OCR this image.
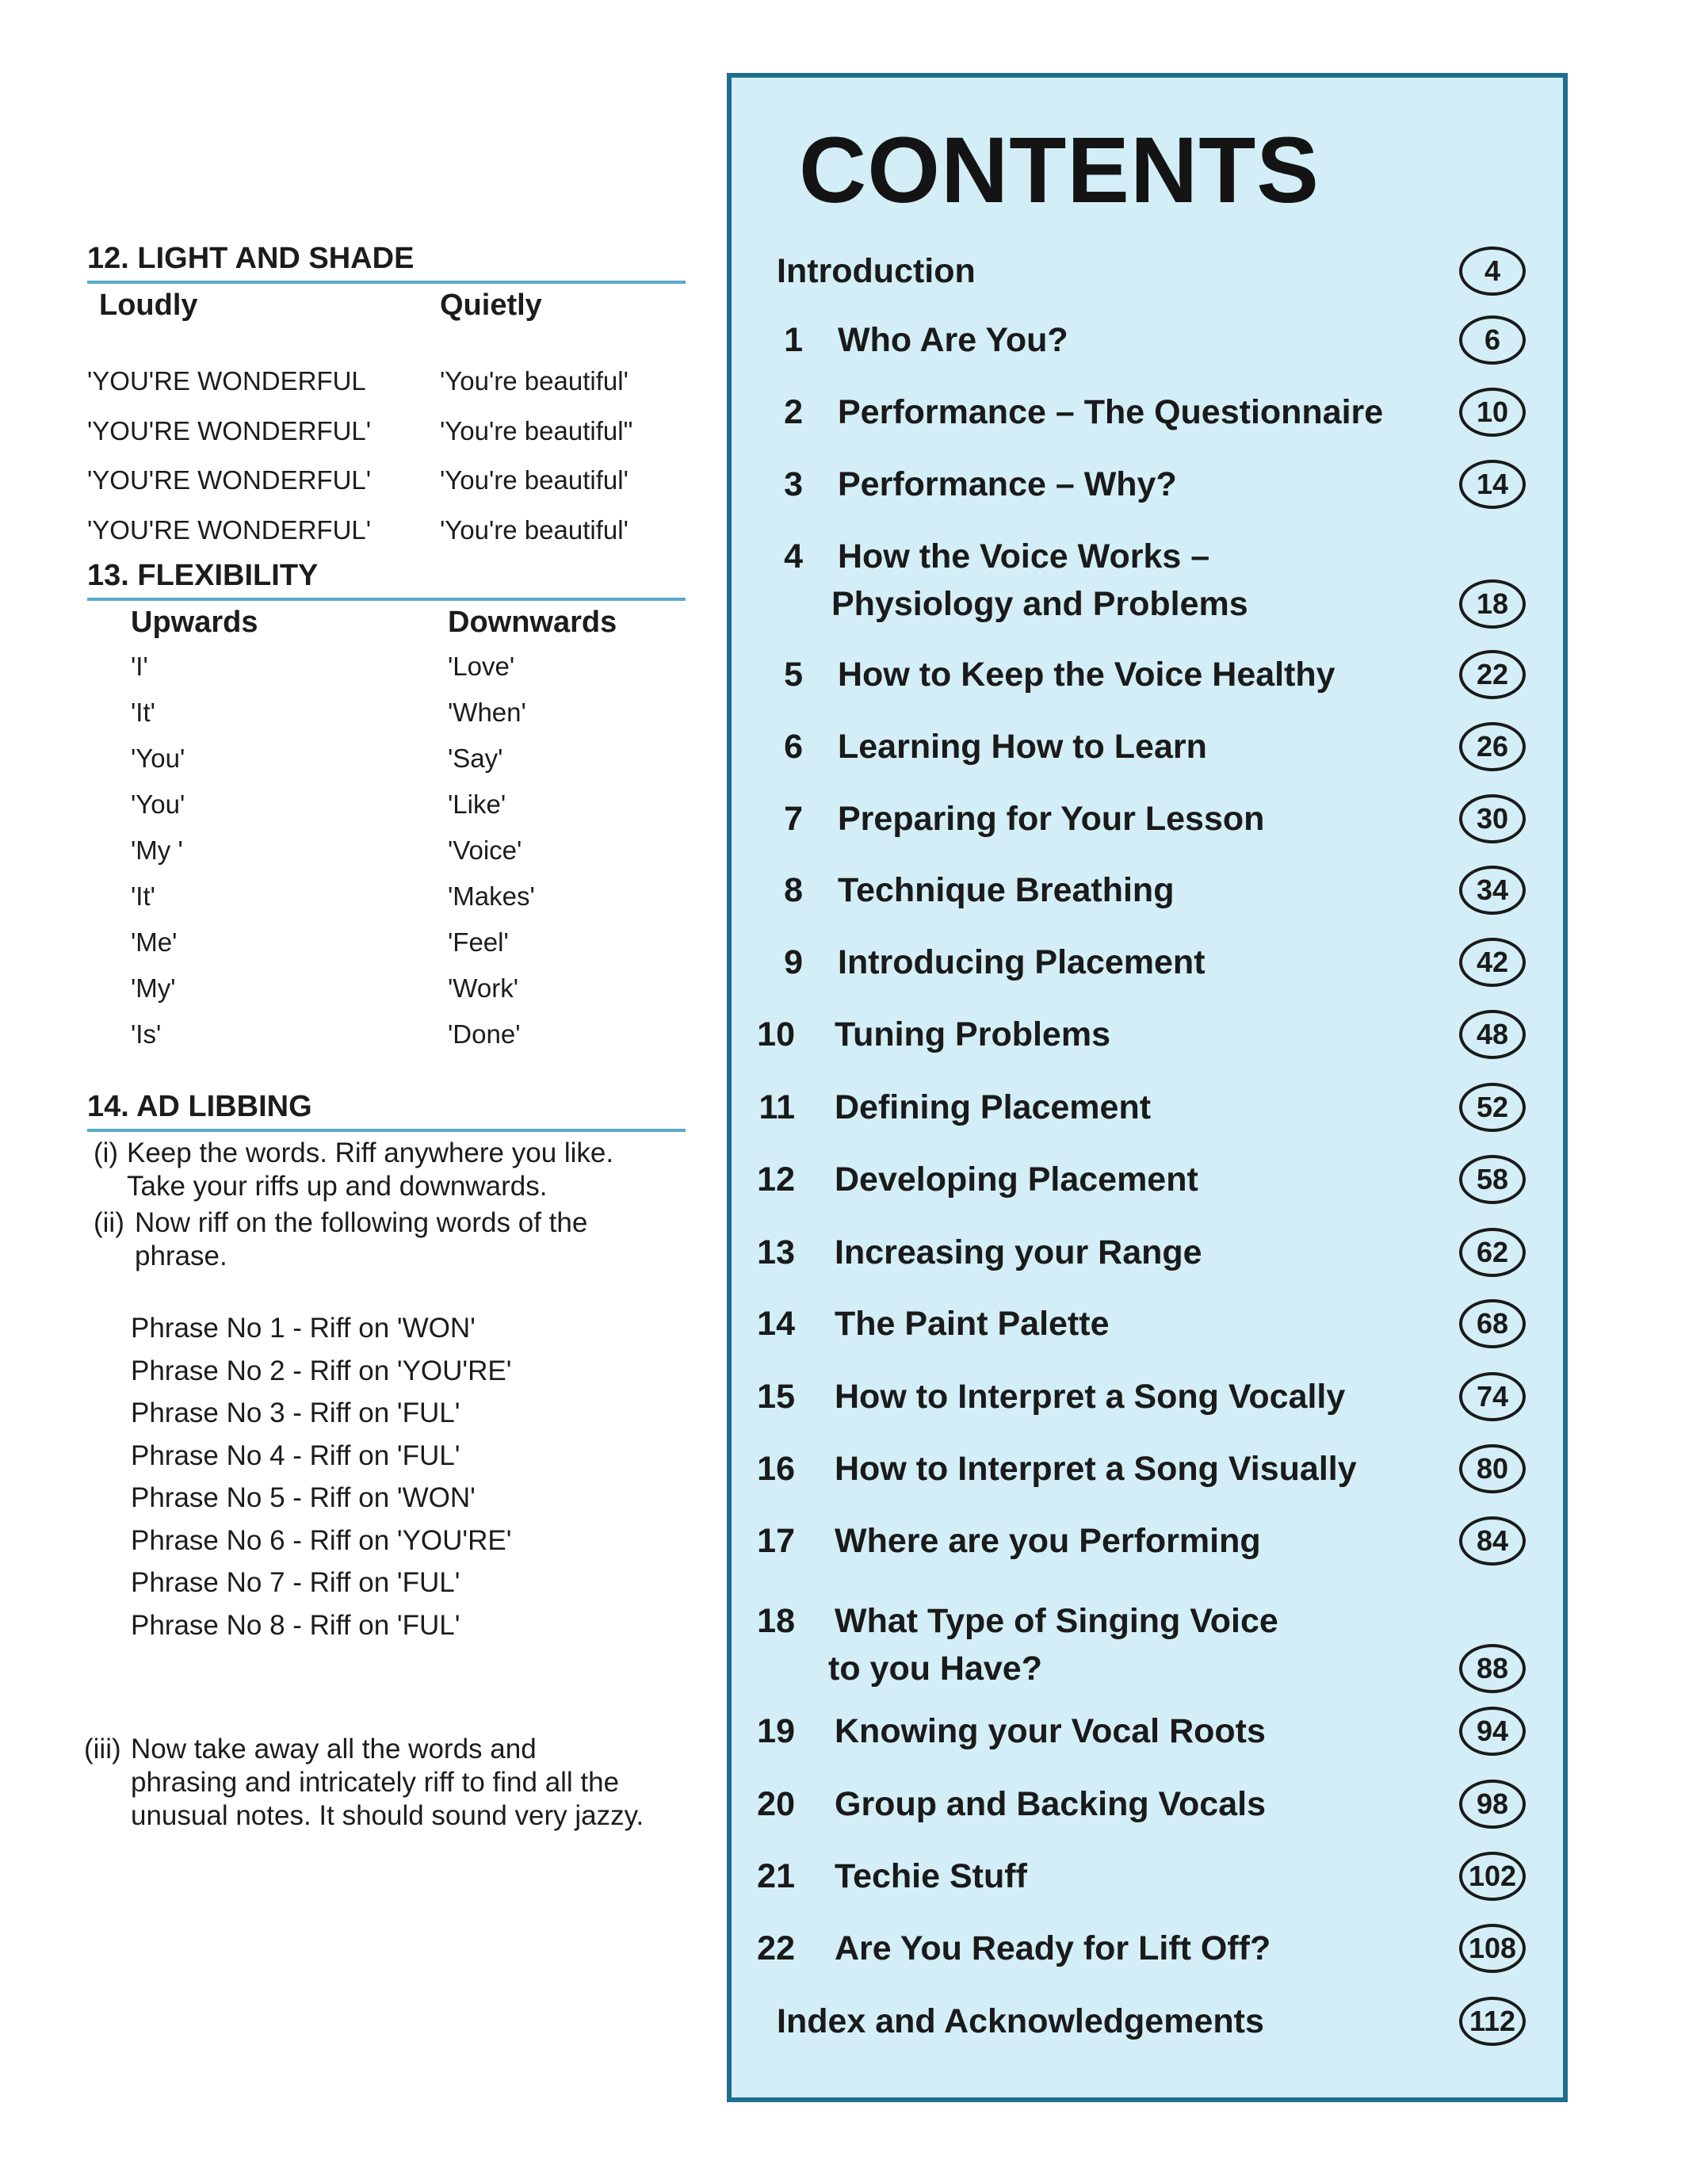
12. LIGHT AND SHADE
Loudly	Quietly
'YOU'RE WONDERFUL	'You're beautiful'
'YOU'RE WONDERFUL'	'You're beautiful"
'YOU'RE WONDERFUL'	'You're beautiful'
'YOU'RE WONDERFUL'	'You're beautiful'
13. FLEXIBILITY
Upwards	Downwards
'I'	'Love'
'It'	'When'
'You'	'Say'
'You'	'Like'
'My '	'Voice'
'It'	'Makes'
'Me'	'Feel'
'My'	'Work'
'Is'	'Done'
14. AD LIBBING
(i) Keep the words. Riff anywhere you like.
Take your riffs up and downwards.
(ii) Now riff on the following words of the
phrase.
Phrase No 1 - Riff on 'WON'
Phrase No 2 - Riff on 'YOU'RE'
Phrase No 3 - Riff on 'FUL'
Phrase No 4 - Riff on 'FUL'
Phrase No 5 - Riff on 'WON'
Phrase No 6 - Riff on 'YOU'RE'
Phrase No 7 - Riff on 'FUL'
Phrase No 8 - Riff on 'FUL'
(iii) Now take away all the words and
phrasing and intricately riff to find all the
unusual notes. It should sound very jazzy.
CONTENTS
Introduction	4
1 Who Are You?	6
2 Performance – The Questionnaire	10
3 Performance – Why?	14
4 How the Voice Works –
Physiology and Problems	18
5 How to Keep the Voice Healthy	22
6 Learning How to Learn	26
7 Preparing for Your Lesson	30
8 Technique Breathing	34
9 Introducing Placement	42
10 Tuning Problems	48
11 Defining Placement	52
12 Developing Placement	58
13 Increasing your Range	62
14 The Paint Palette	68
15 How to Interpret a Song Vocally	74
16 How to Interpret a Song Visually	80
17 Where are you Performing	84
18 What Type of Singing Voice
to you Have?	88
19 Knowing your Vocal Roots	94
20 Group and Backing Vocals	98
21 Techie Stuff	102
22 Are You Ready for Lift Off?	108
Index and Acknowledgements	112
